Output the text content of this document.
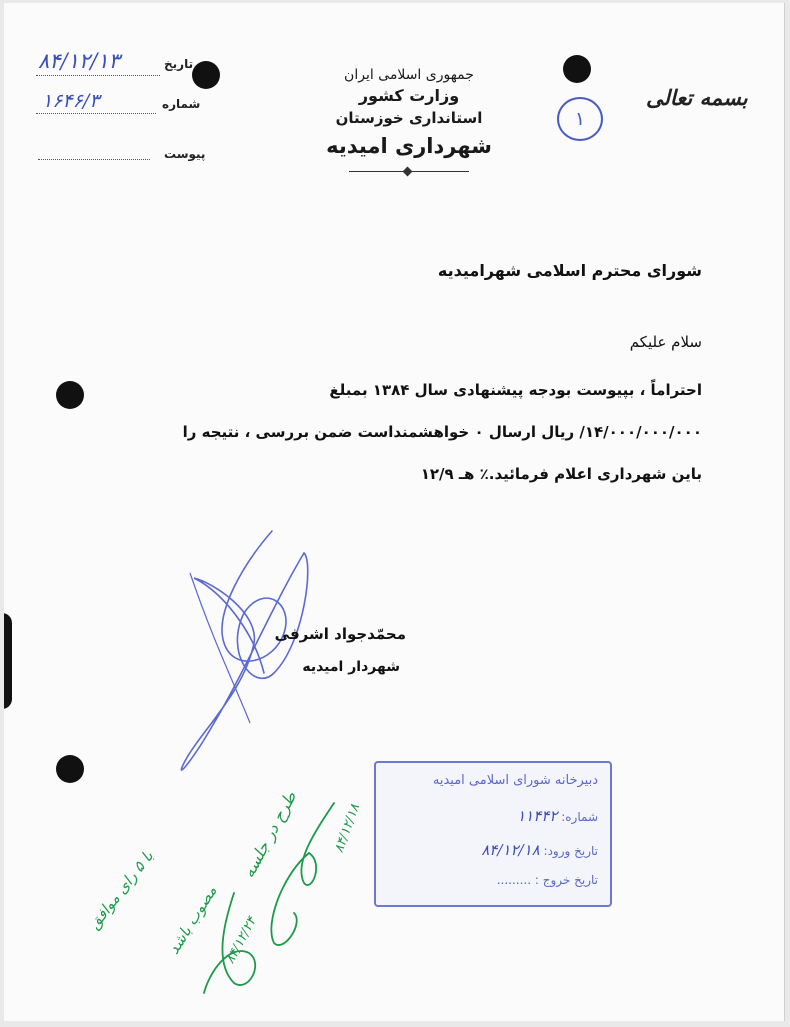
جمهوری اسلامی ایران
وزارت کشور
استانداری خوزستان
شهرداری امیدیه
بسمه تعالی
۱
تاریخ
۸۴/۱۲/۱۳
شماره
۱۶۴۶/۳
پیوست
شورای محترم اسلامی شهرامیدیه
سلام علیکم
احتراماً ، بپیوست بودجه پیشنهادی سال ۱۳۸۴ بمبلغ
۱۴/۰۰۰/۰۰۰/۰۰۰/ ریال ارسال ۰ خواهشمنداست ضمن بررسی ، نتیجه را
باین شهرداری اعلام فرمائید.٪ هـ ۱۲/۹
محمّدجواد اشرفی
شهردار امیدیه
دبیرخانه شورای اسلامی امیدیه
شماره: ۱۱۴۴۲
تاریخ ورود: ۸۴/۱۲/۱۸
تاریخ خروج : .........
طرح در جلسه
با ۵ رای موافق
مصوب باشد
۸۴/۱۲/۱۸
۸۴/۱۲/۲۴
